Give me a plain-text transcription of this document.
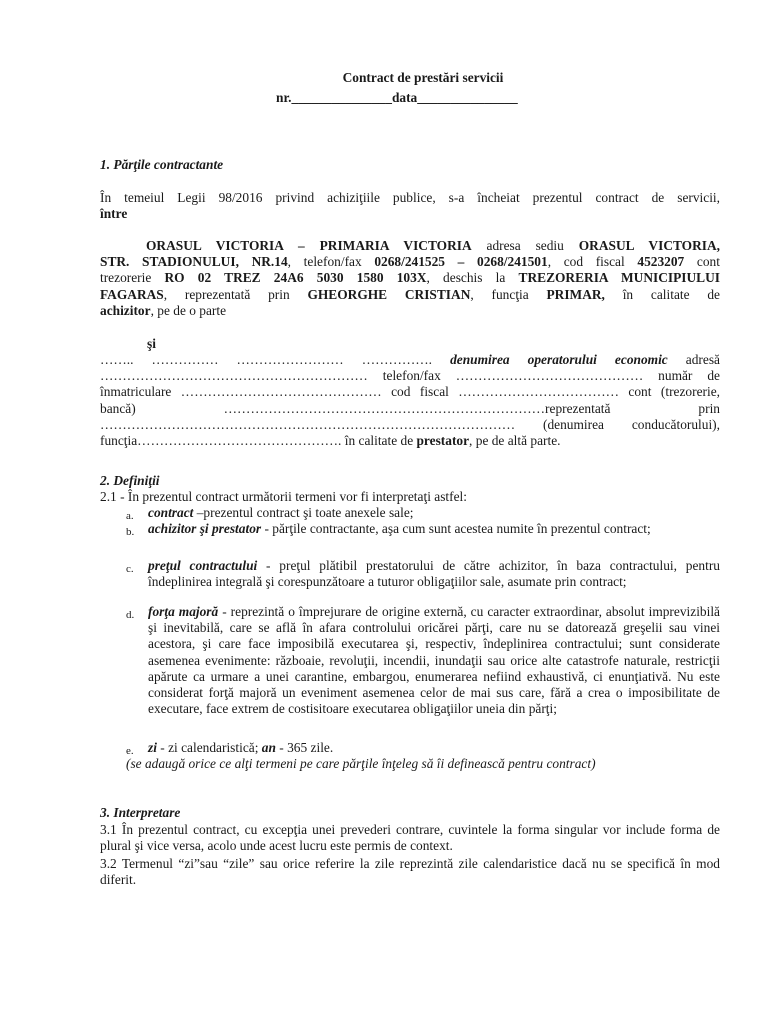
Contract de prestări servicii
nr._______________data_______________
1. Părţile contractante
În temeiul Legii 98/2016 privind achiziţiile publice, s-a încheiat prezentul contract de servicii,
între
ORASUL VICTORIA – PRIMARIA VICTORIA adresa sediu ORASUL VICTORIA,
STR. STADIONULUI, NR.14, telefon/fax 0268/241525 – 0268/241501, cod fiscal 4523207 cont
trezorerie RO 02 TREZ 24A6 5030 1580 103X, deschis la TREZORERIA MUNICIPIULUI
FAGARAS, reprezentată prin GHEORGHE CRISTIAN, funcţia PRIMAR, în calitate de
achizitor, pe de o parte
şi
…….. …………… …………………… ……………. denumirea operatorului economic adresă
…………………………………………………… telefon/fax …………………………………… număr de
înmatriculare ……………………………………… cod fiscal ……………………………… cont (trezorerie,
bancă) ………………………………………………………………reprezentată prin
………………………………………………………………………………… (denumirea conducătorului),
funcţia………………………………………. în calitate de prestator, pe de altă parte.
2. Definiţii
2.1 - În prezentul contract următorii termeni vor fi interpretaţi astfel:
a. contract –prezentul contract şi toate anexele sale;
b. achizitor şi prestator - părţile contractante, aşa cum sunt acestea numite în prezentul contract;
c. preţul contractului - preţul plătibil prestatorului de către achizitor, în baza contractului, pentru îndeplinirea integrală şi corespunzătoare a tuturor obligaţiilor sale, asumate prin contract;
d. forţa majoră - reprezintă o împrejurare de origine externă, cu caracter extraordinar, absolut imprevizibilă şi inevitabilă, care se află în afara controlului oricărei părţi, care nu se datorează greşelii sau vinei acestora, şi care face imposibilă executarea şi, respectiv, îndeplinirea contractului; sunt considerate asemenea evenimente: războaie, revoluţii, incendii, inundaţii sau orice alte catastrofe naturale, restricţii apărute ca urmare a unei carantine, embargou, enumerarea nefiind exhaustivă, ci enunţiativă. Nu este considerat forţă majoră un eveniment asemenea celor de mai sus care, fără a crea o imposibilitate de executare, face extrem de costisitoare executarea obligaţiilor uneia din părţi;
e. zi - zi calendaristică; an - 365 zile.
(se adaugă orice ce alţi termeni pe care părţile înţeleg să îi definească pentru contract)
3. Interpretare
3.1 În prezentul contract, cu excepţia unei prevederi contrare, cuvintele la forma singular vor include forma de plural şi vice versa, acolo unde acest lucru este permis de context.
3.2 Termenul “zi”sau “zile” sau orice referire la zile reprezintă zile calendaristice dacă nu se specifică în mod diferit.
